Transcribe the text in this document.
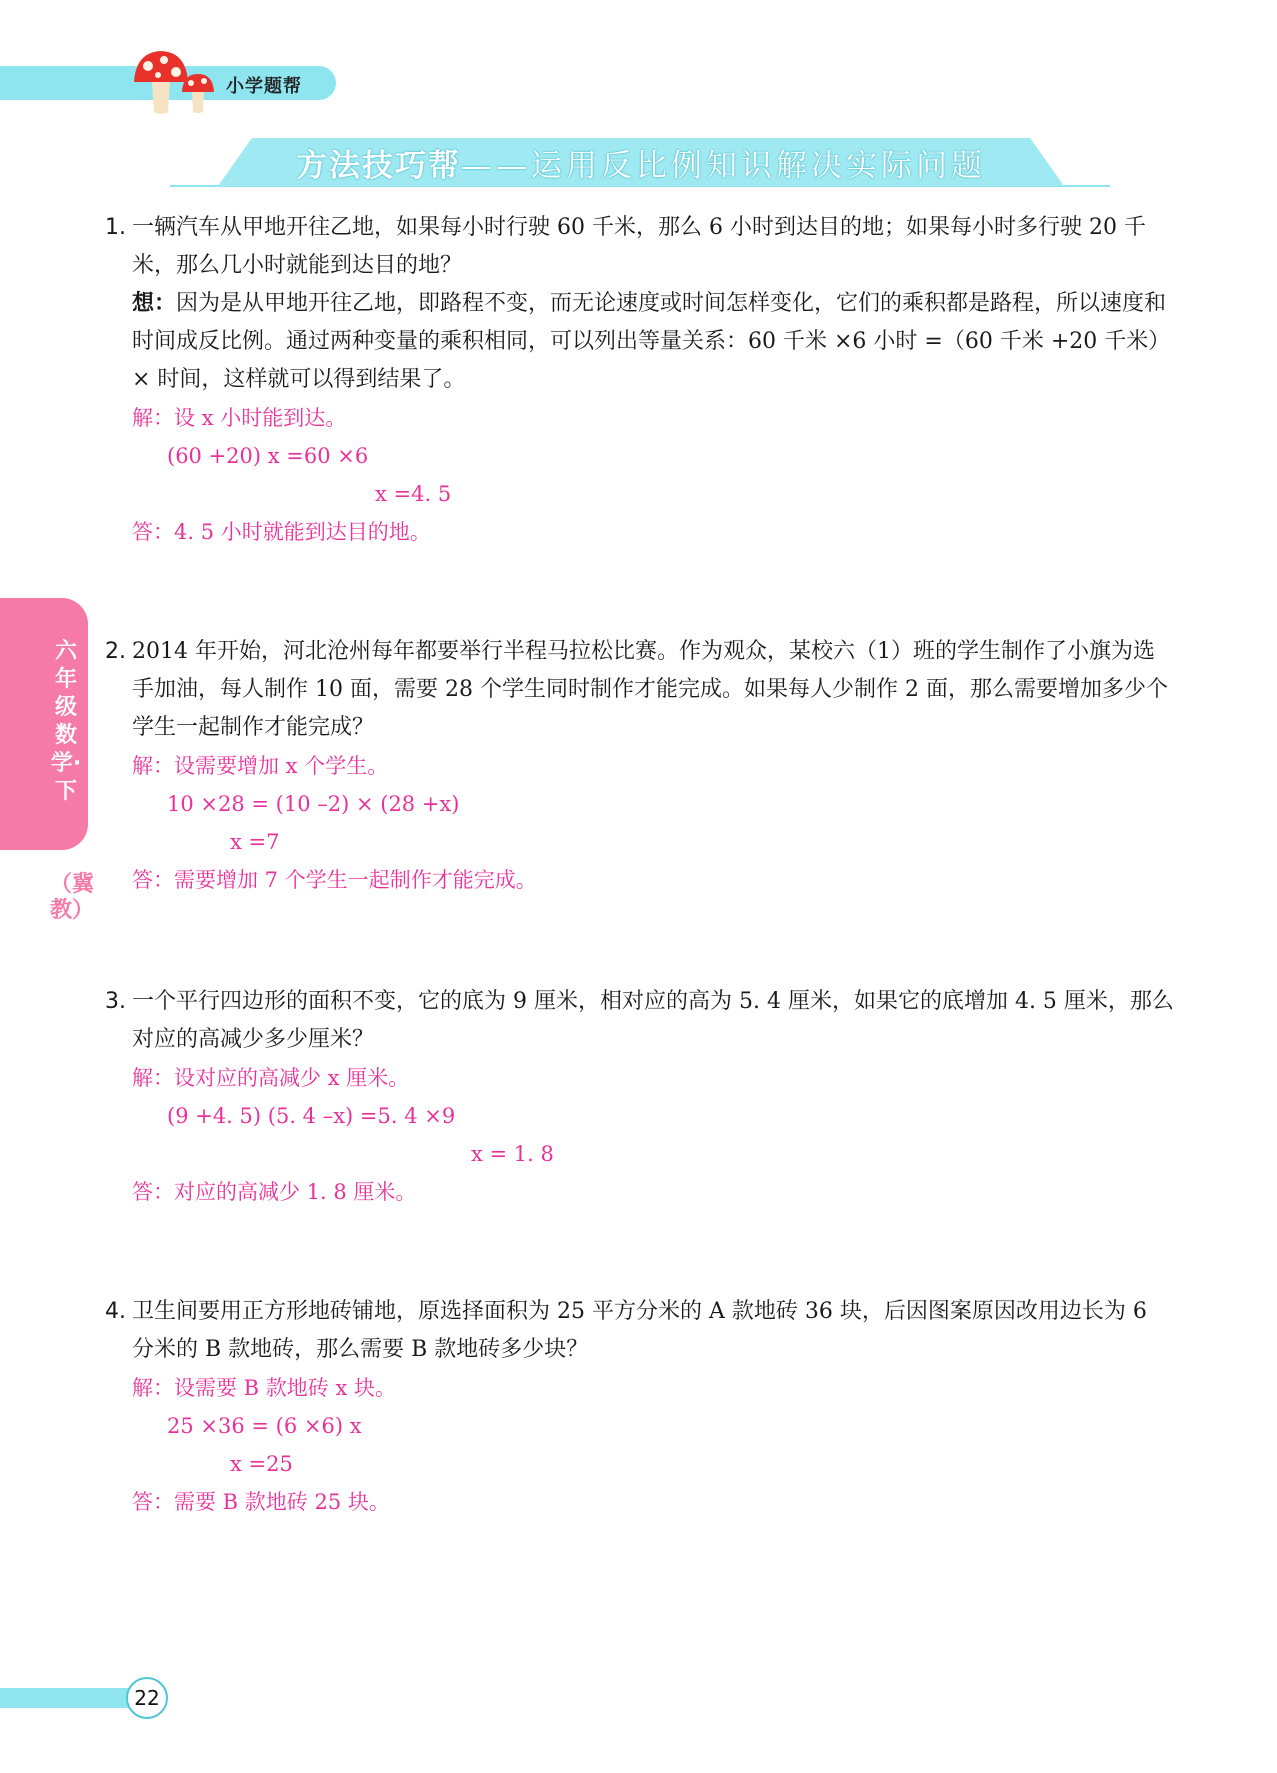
小学题帮
方法技巧帮 ——运用反比例知识解决实际问题
六年级数学·下
（冀教）
1. 一辆汽车从甲地开往乙地，如果每小时行驶 60 千米，那么 6 小时到达目的地；如果每小时多行驶 20 千米，那么几小时就能到达目的地？
想：因为是从甲地开往乙地，即路程不变，而无论速度或时间怎样变化，它们的乘积都是路程，所以速度和时间成反比例。通过两种变量的乘积相同，可以列出等量关系：60 千米 ×6 小时 =（60 千米 +20 千米）× 时间，这样就可以得到结果了。
解：设 x 小时能到达。
(60 +20) x =60 ×6
x =4. 5
答：4. 5 小时就能到达目的地。
2. 2014 年开始，河北沧州每年都要举行半程马拉松比赛。作为观众，某校六（1）班的学生制作了小旗为选手加油，每人制作 10 面，需要 28 个学生同时制作才能完成。如果每人少制作 2 面，那么需要增加多少个学生一起制作才能完成？
解：设需要增加 x 个学生。
10 ×28 = (10 –2) × (28 +x)
x =7
答：需要增加 7 个学生一起制作才能完成。
3. 一个平行四边形的面积不变，它的底为 9 厘米，相对应的高为 5. 4 厘米，如果它的底增加 4. 5 厘米，那么对应的高减少多少厘米？
解：设对应的高减少 x 厘米。
(9 +4. 5) (5. 4 –x) =5. 4 ×9
x = 1. 8
答：对应的高减少 1. 8 厘米。
4. 卫生间要用正方形地砖铺地，原选择面积为 25 平方分米的 A 款地砖 36 块，后因图案原因改用边长为 6 分米的 B 款地砖，那么需要 B 款地砖多少块？
解：设需要 B 款地砖 x 块。
25 ×36 = (6 ×6) x
x =25
答：需要 B 款地砖 25 块。
22
